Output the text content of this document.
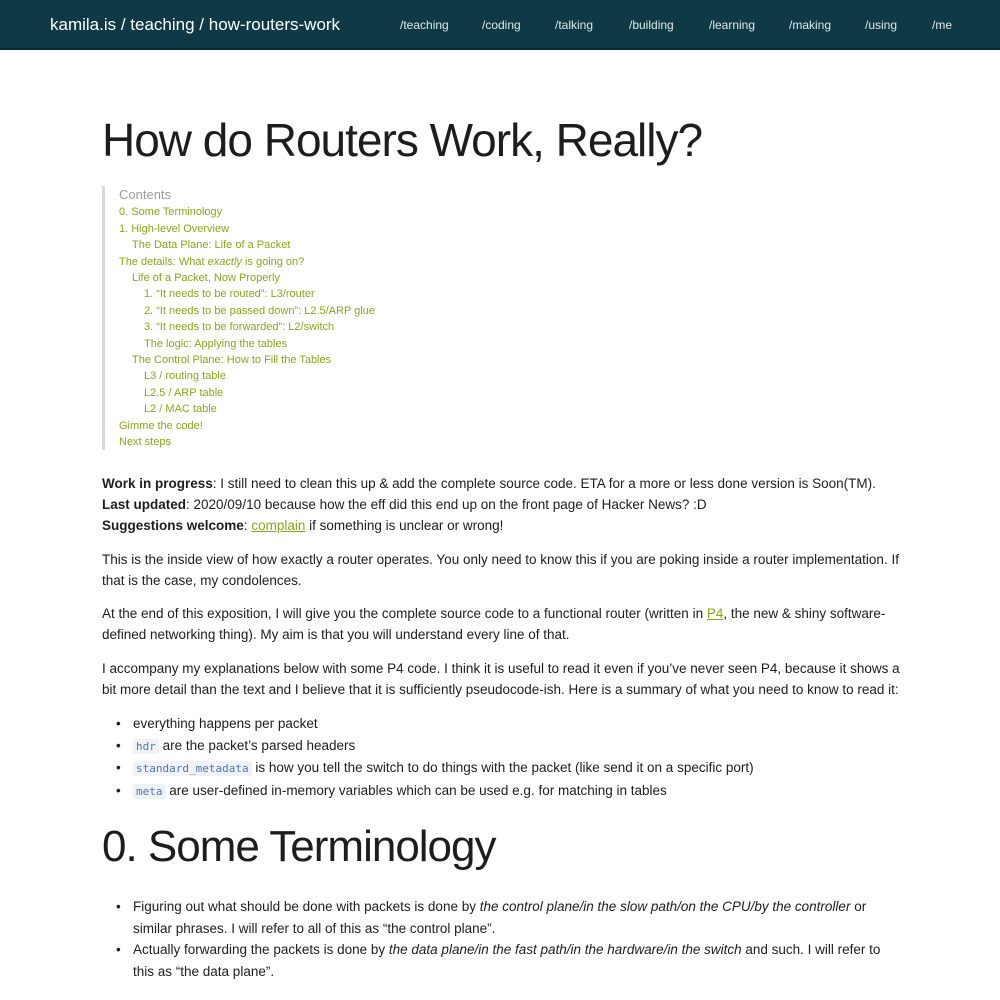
kamila.is / teaching / how-routers-work	/teaching	/coding	/talking	/building	/learning	/making	/using	/me
How do Routers Work, Really?
Contents
0. Some Terminology
1. High-level Overview
The Data Plane: Life of a Packet
The details: What exactly is going on?
Life of a Packet, Now Properly
1. “It needs to be routed”: L3/router
2. “It needs to be passed down”: L2.5/ARP glue
3. “It needs to be forwarded”: L2/switch
The logic: Applying the tables
The Control Plane: How to Fill the Tables
L3 / routing table
L2.5 / ARP table
L2 / MAC table
Gimme the code!
Next steps
Work in progress: I still need to clean this up & add the complete source code. ETA for a more or less done version is Soon(TM).
Last updated: 2020/09/10 because how the eff did this end up on the front page of Hacker News? :D
Suggestions welcome: complain if something is unclear or wrong!

This is the inside view of how exactly a router operates. You only need to know this if you are poking inside a router implementation. If that is the case, my condolences.

At the end of this exposition, I will give you the complete source code to a functional router (written in P4, the new & shiny software-defined networking thing). My aim is that you will understand every line of that.

I accompany my explanations below with some P4 code. I think it is useful to read it even if you’ve never seen P4, because it shows a bit more detail than the text and I believe that it is sufficiently pseudocode-ish. Here is a summary of what you need to know to read it:

• everything happens per packet
• hdr are the packet’s parsed headers
• standard_metadata is how you tell the switch to do things with the packet (like send it on a specific port)
• meta are user-defined in-memory variables which can be used e.g. for matching in tables
0. Some Terminology
• Figuring out what should be done with packets is done by the control plane/in the slow path/on the CPU/by the controller or similar phrases. I will refer to all of this as “the control plane”.
• Actually forwarding the packets is done by the data plane/in the fast path/in the hardware/in the switch and such. I will refer to this as “the data plane”.
